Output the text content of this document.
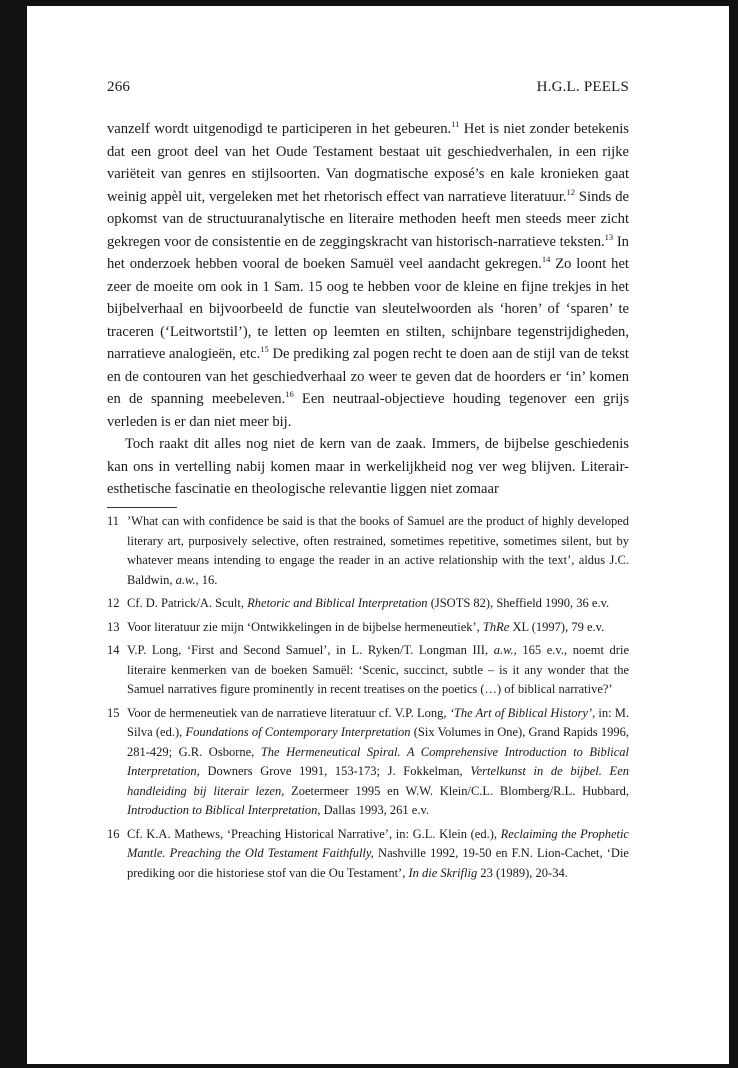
266	H.G.L. PEELS

vanzelf wordt uitgenodigd te participeren in het gebeuren.$^{11}$ Het is niet zonder betekenis dat een groot deel van het Oude Testament bestaat uit geschiedverhalen, in een rijke variëteit van genres en stijlsoorten. Van dogmatische exposé’s en kale kronieken gaat weinig appèl uit, vergeleken met het rhetorisch effect van narratieve literatuur.$^{12}$ Sinds de opkomst van de structuuranalytische en literaire methoden heeft men steeds meer zicht gekregen voor de consistentie en de zeggingskracht van historisch-narratieve teksten.$^{13}$ In het onderzoek hebben vooral de boeken Samuël veel aandacht gekregen.$^{14}$ Zo loont het zeer de moeite om ook in 1 Sam. 15 oog te hebben voor de kleine en fijne trekjes in het bijbelverhaal en bijvoorbeeld de functie van sleutelwoorden als ‘horen’ of ‘sparen’ te traceren (‘Leitwortstil’), te letten op leemten en stilten, schijnbare tegenstrijdigheden, narratieve analogieën, etc.$^{15}$ De prediking zal pogen recht te doen aan de stijl van de tekst en de contouren van het geschiedverhaal zo weer te geven dat de hoorders er ‘in’ komen en de spanning meebeleven.$^{16}$ Een neutraal-objectieve houding tegenover een grijs verleden is er dan niet meer bij.

Toch raakt dit alles nog niet de kern van de zaak. Immers, de bijbelse geschiedenis kan ons in vertelling nabij komen maar in werkelijkheid nog ver weg blijven. Literair-esthetische fascinatie en theologische relevantie liggen niet zomaar

11 ’What can with confidence be said is that the books of Samuel are the product of highly developed literary art, purposively selective, often restrained, sometimes repetitive, sometimes silent, but by whatever means intending to engage the reader in an active relationship with the text’, aldus J.C. Baldwin, a.w., 16.
12 Cf. D. Patrick/A. Scult, Rhetoric and Biblical Interpretation (JSOTS 82), Sheffield 1990, 36 e.v.
13 Voor literatuur zie mijn ‘Ontwikkelingen in de bijbelse hermeneutiek’, ThRe XL (1997), 79 e.v.
14 V.P. Long, ‘First and Second Samuel’, in L. Ryken/T. Longman III, a.w., 165 e.v., noemt drie literaire kenmerken van de boeken Samuël: ‘Scenic, succinct, subtle – is it any wonder that the Samuel narratives figure prominently in recent treatises on the poetics (…) of biblical narrative?’
15 Voor de hermeneutiek van de narratieve literatuur cf. V.P. Long, ‘The Art of Biblical History’, in: M. Silva (ed.), Foundations of Contemporary Interpretation (Six Volumes in One), Grand Rapids 1996, 281-429; G.R. Osborne, The Hermeneutical Spiral. A Comprehensive Introduction to Biblical Interpretation, Downers Grove 1991, 153-173; J. Fokkelman, Vertelkunst in de bijbel. Een handleiding bij literair lezen, Zoetermeer 1995 en W.W. Klein/C.L. Blomberg/R.L. Hubbard, Introduction to Biblical Interpretation, Dallas 1993, 261 e.v.
16 Cf. K.A. Mathews, ‘Preaching Historical Narrative’, in: G.L. Klein (ed.), Reclaiming the Prophetic Mantle. Preaching the Old Testament Faithfully, Nashville 1992, 19-50 en F.N. Lion-Cachet, ‘Die prediking oor die historiese stof van die Ou Testament’, In die Skriflig 23 (1989), 20-34.
